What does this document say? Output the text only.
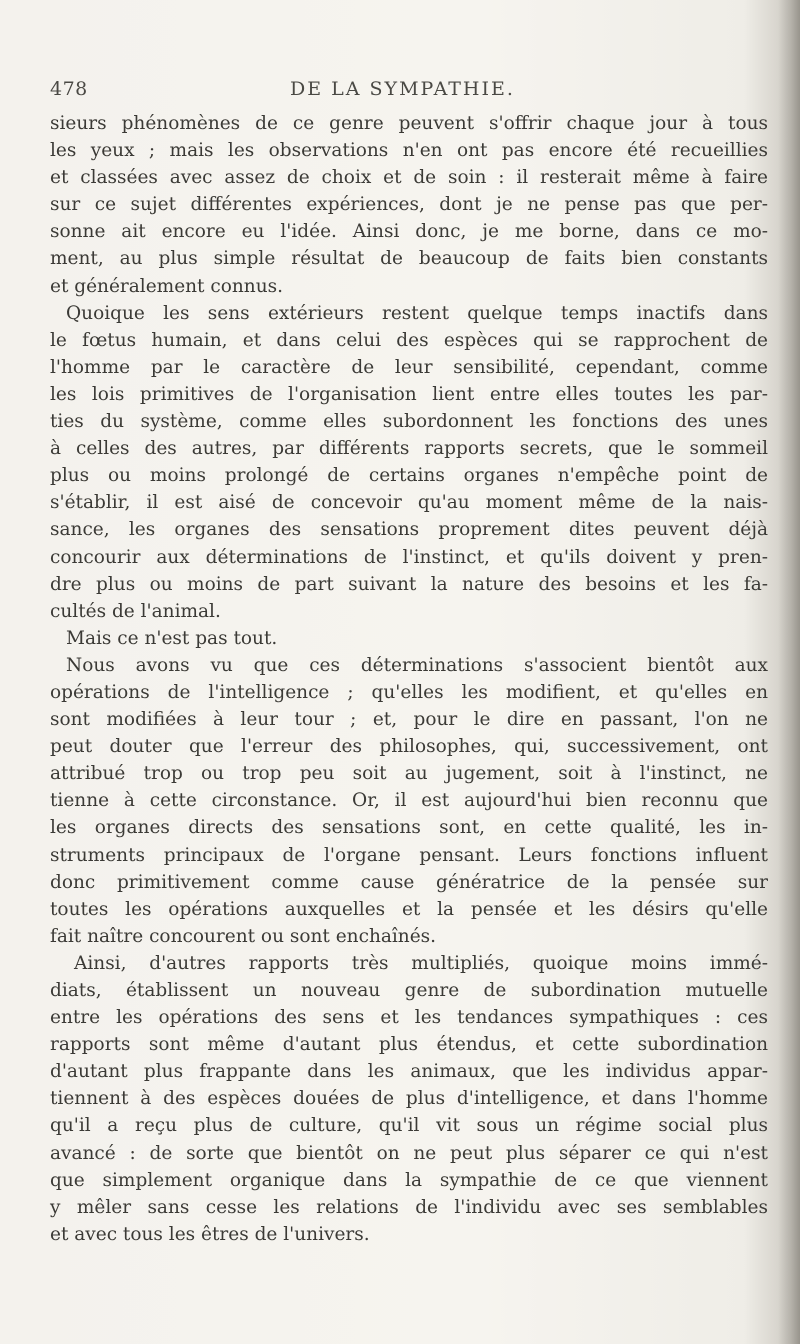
478	DE LA SYMPATHIE.
sieurs phénomènes de ce genre peuvent s'offrir chaque jour à tous
les yeux ; mais les observations n'en ont pas encore été recueillies
et classées avec assez de choix et de soin : il resterait même à faire
sur ce sujet différentes expériences, dont je ne pense pas que per-
sonne ait encore eu l'idée. Ainsi donc, je me borne, dans ce mo-
ment, au plus simple résultat de beaucoup de faits bien constants
et généralement connus.
Quoique les sens extérieurs restent quelque temps inactifs dans
le fœtus humain, et dans celui des espèces qui se rapprochent de
l'homme par le caractère de leur sensibilité, cependant, comme
les lois primitives de l'organisation lient entre elles toutes les par-
ties du système, comme elles subordonnent les fonctions des unes
à celles des autres, par différents rapports secrets, que le sommeil
plus ou moins prolongé de certains organes n'empêche point de
s'établir, il est aisé de concevoir qu'au moment même de la nais-
sance, les organes des sensations proprement dites peuvent déjà
concourir aux déterminations de l'instinct, et qu'ils doivent y pren-
dre plus ou moins de part suivant la nature des besoins et les fa-
cultés de l'animal.
Mais ce n'est pas tout.
Nous avons vu que ces déterminations s'associent bientôt aux
opérations de l'intelligence ; qu'elles les modifient, et qu'elles en
sont modifiées à leur tour ; et, pour le dire en passant, l'on ne
peut douter que l'erreur des philosophes, qui, successivement, ont
attribué trop ou trop peu soit au jugement, soit à l'instinct, ne
tienne à cette circonstance. Or, il est aujourd'hui bien reconnu que
les organes directs des sensations sont, en cette qualité, les in-
struments principaux de l'organe pensant. Leurs fonctions influent
donc primitivement comme cause génératrice de la pensée sur
toutes les opérations auxquelles et la pensée et les désirs qu'elle
fait naître concourent ou sont enchaînés.
Ainsi, d'autres rapports très multipliés, quoique moins immé-
diats, établissent un nouveau genre de subordination mutuelle
entre les opérations des sens et les tendances sympathiques : ces
rapports sont même d'autant plus étendus, et cette subordination
d'autant plus frappante dans les animaux, que les individus appar-
tiennent à des espèces douées de plus d'intelligence, et dans l'homme
qu'il a reçu plus de culture, qu'il vit sous un régime social plus
avancé : de sorte que bientôt on ne peut plus séparer ce qui n'est
que simplement organique dans la sympathie de ce que viennent
y mêler sans cesse les relations de l'individu avec ses semblables
et avec tous les êtres de l'univers.
